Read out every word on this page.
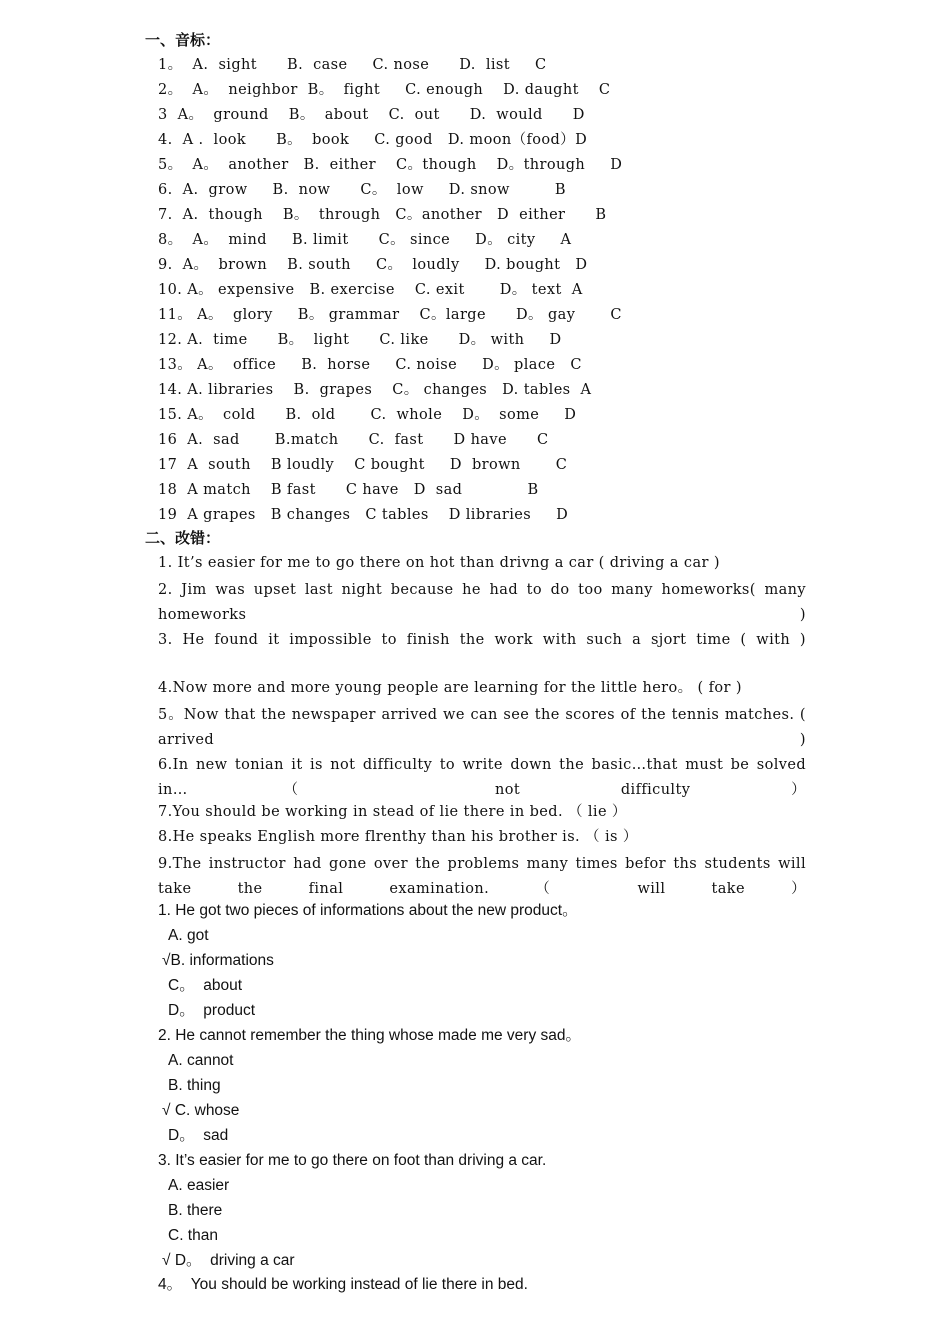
一、音标：
1。  A.  sight      B.  case     C. nose      D.  list     C
2。  A。  neighbor  B。  fight     C. enough    D. daught    C
3  A。  ground    B。  about    C.  out      D.  would      D
4.  A .  look      B。  book     C. good   D. moon（food）D
5。  A。  another   B.  either    C。though    D。through     D
6.  A.  grow     B.  now      C。  low     D. snow         B
7.  A.  though    B。  through   C。another   D  either      B
8。  A。  mind     B. limit      C。 since     D。 city     A
9.  A。  brown    B. south     C。  loudly     D. bought   D
10. A。 expensive   B. exercise    C. exit       D。 text  A
11。 A。  glory     B。 grammar    C。large      D。 gay       C
12. A.  time      B。  light      C. like      D。 with     D
13。 A。  office     B.  horse     C. noise     D。 place   C
14. A. libraries    B.  grapes    C。 changes   D. tables  A
15. A。  cold      B.  old       C.  whole    D。  some     D
16  A.  sad       B.match      C.  fast      D have      C
17  A  south    B loudly    C bought     D  brown       C
18  A match    B fast      C have   D  sad             B
19  A grapes   B changes   C tables    D libraries     D
二、改错：
1. It’s easier for me to go there on hot than drivng a car ( driving a car )
2. Jim was upset last night because he had to do too many homeworks( many homeworks )
3. He found it impossible to finish the work with such a sjort time ( with )
4.Now more and more young people are learning for the little hero。 ( for )
5。Now that the newspaper arrived we can see the scores of the tennis matches. ( arrived )
6.In new tonian it is not difficulty to write down the basic…that must be solved in…（ not difficulty ）
7.You should be working in stead of lie there in bed. （ lie ）
8.He speaks English more flrenthy than his brother is. （ is ）
9.The instructor had gone over the problems many times befor ths students will take the final examination. （ will take ）
1. He got two pieces of informations about the new product。
A. got
√B. informations
C。  about
D。  product
2. He cannot remember the thing whose made me very sad。
A. cannot
B. thing
√ C. whose
D。  sad
3. It’s easier for me to go there on foot than driving a car.
A. easier
B. there
C. than
√ D。  driving a car
4。  You should be working instead of lie there in bed.
